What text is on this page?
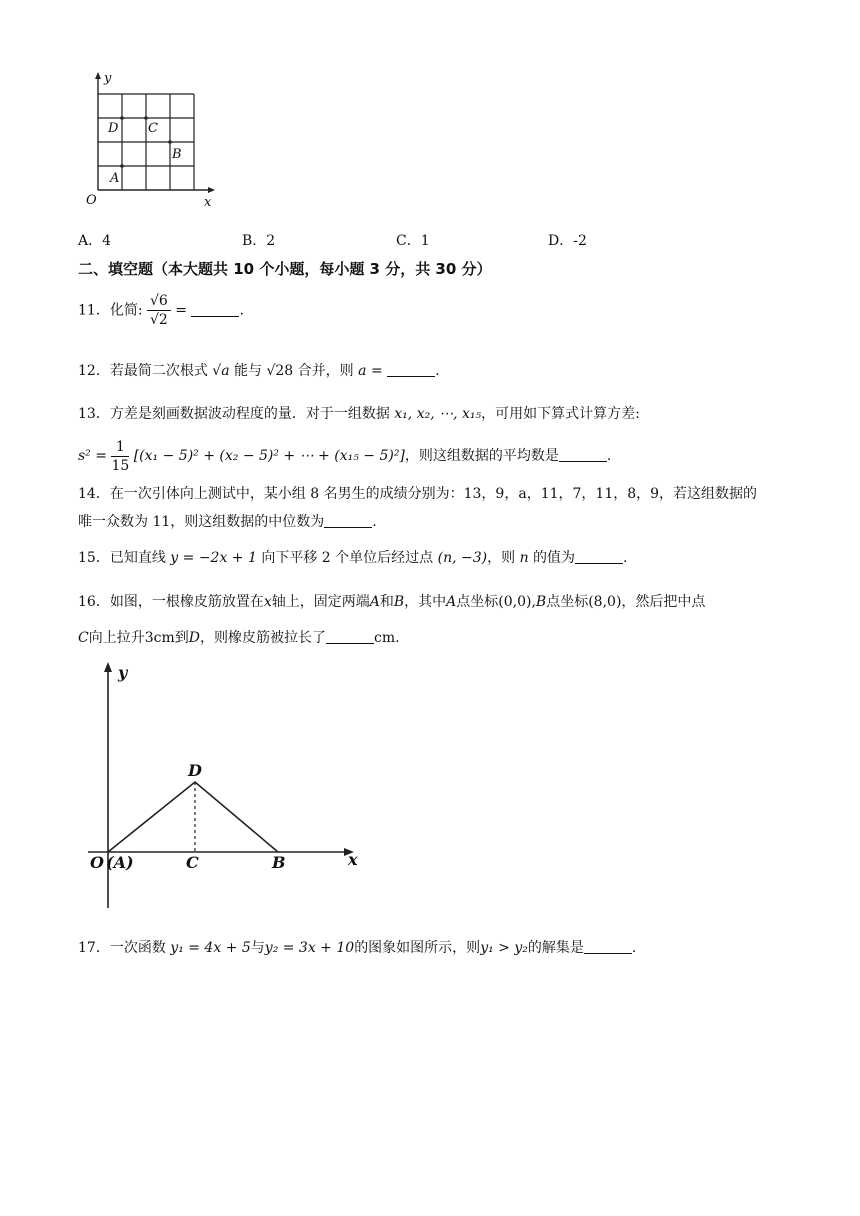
y
x
O
D C
B
A
A．4	B．2	C．1	D．-2
二、填空题（本大题共 10 个小题，每小题 3 分，共 30 分）
11．化简: $\frac{√6}{√2}$ =	.
12．若最简二次根式 √a 能与 √28 合并，则 a =	.
13．方差是刻画数据波动程度的量．对于一组数据 x₁, x₂, ⋯, x₁₅，可用如下算式计算方差:
$s^2 = \frac{1}{15} [(x_1 - 5)^2 + (x_2 - 5)^2$ + ⋯ + (x₁₅ − 5)²]，则这组数据的平均数是	.
14．在一次引体向上测试中，某小组 8 名男生的成绩分别为：13，9，a，11，7，11，8，9，若这组数据的
唯一众数为 11，则这组数据的中位数为	.
15．已知直线 y = −2x + 1 向下平移 2 个单位后经过点 (n, −3)，则 n 的值为	.
16．如图，一根橡皮筋放置在x轴上，固定两端A和B，其中A点坐标(0,0),B点坐标(8,0)，然后把中点
C向上拉升3cm到D，则橡皮筋被拉长了	cm.
y
x
O (A)	C	B
D
17．一次函数 y₁ = 4x + 5与y₂ = 3x + 10的图象如图所示，则y₁ > y₂的解集是	.
